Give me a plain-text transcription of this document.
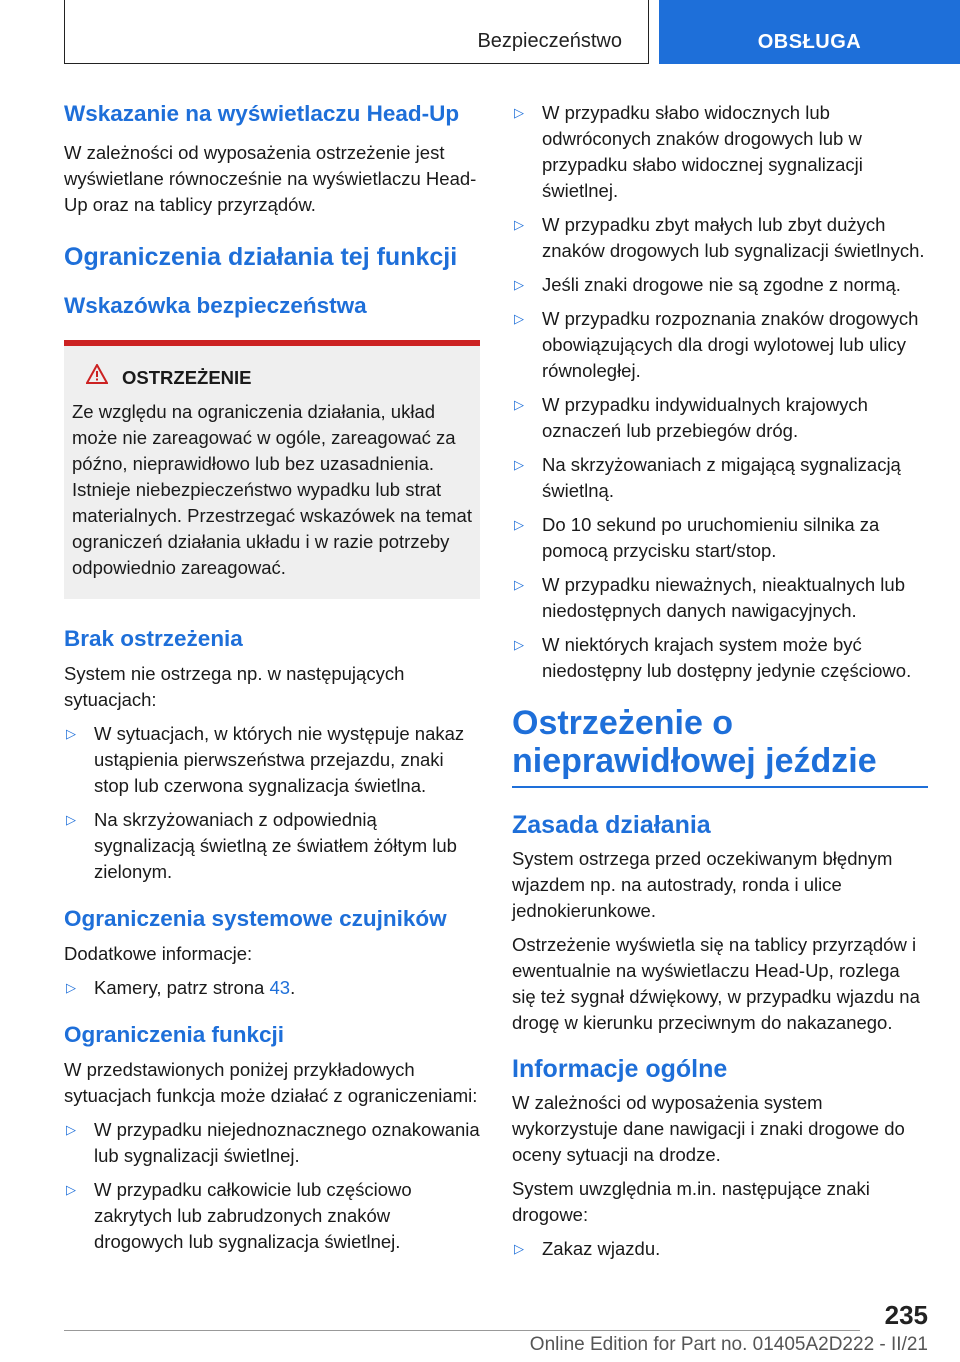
Bezpieczeństwo	OBSŁUGA
Wskazanie na wyświetlaczu Head-Up

W zależności od wyposażenia ostrzeżenie jest wyświetlane równocześnie na wyświetlaczu Head-Up oraz na tablicy przyrządów.

Ograniczenia działania tej funkcji
Wskazówka bezpieczeństwa
OSTRZEŻENIE

Ze względu na ograniczenia działania, układ może nie zareagować w ogóle, zareagować za późno, nieprawidłowo lub bez uzasadnienia. Istnieje niebezpieczeństwo wypadku lub strat materialnych. Przestrzegać wskazówek na temat ograniczeń działania układu i w razie potrzeby odpowiednio zareagować.

Brak ostrzeżenia

System nie ostrzega np. w następujących sytuacjach:

▷ W sytuacjach, w których nie występuje nakaz ustąpienia pierwszeństwa przejazdu, znaki stop lub czerwona sygnalizacja świetlna.
▷ Na skrzyżowaniach z odpowiednią sygnalizacją świetlną ze światłem żółtym lub zielonym.
Ograniczenia systemowe czujników

Dodatkowe informacje:

▷ Kamery, patrz strona 43.
Ograniczenia funkcji

W przedstawionych poniżej przykładowych sytuacjach funkcja może działać z ograniczeniami:

▷ W przypadku niejednoznacznego oznakowania lub sygnalizacji świetlnej.
▷ W przypadku całkowicie lub częściowo zakrytych lub zabrudzonych znaków drogowych lub sygnalizacja świetlnej.
▷ W przypadku słabo widocznych lub odwróconych znaków drogowych lub w przypadku słabo widocznej sygnalizacji świetlnej.
▷ W przypadku zbyt małych lub zbyt dużych znaków drogowych lub sygnalizacji świetlnych.
▷ Jeśli znaki drogowe nie są zgodne z normą.
▷ W przypadku rozpoznania znaków drogowych obowiązujących dla drogi wylotowej lub ulicy równoległej.
▷ W przypadku indywidualnych krajowych oznaczeń lub przebiegów dróg.
▷ Na skrzyżowaniach z migającą sygnalizacją świetlną.
▷ Do 10 sekund po uruchomieniu silnika za pomocą przycisku start/stop.
▷ W przypadku nieważnych, nieaktualnych lub niedostępnych danych nawigacyjnych.
▷ W niektórych krajach system może być niedostępny lub dostępny jedynie częściowo.
Ostrzeżenie o nieprawidłowej jeździe
Zasada działania

System ostrzega przed oczekiwanym błędnym wjazdem np. na autostrady, ronda i ulice jednokierunkowe.

Ostrzeżenie wyświetla się na tablicy przyrządów i ewentualnie na wyświetlaczu Head-Up, rozlega się też sygnał dźwiękowy, w przypadku wjazdu na drogę w kierunku przeciwnym do nakazanego.

Informacje ogólne

W zależności od wyposażenia system wykorzystuje dane nawigacji i znaki drogowe do oceny sytuacji na drodze.

System uwzględnia m.in. następujące znaki drogowe:

▷ Zakaz wjazdu.
235
Online Edition for Part no. 01405A2D222 - II/21
